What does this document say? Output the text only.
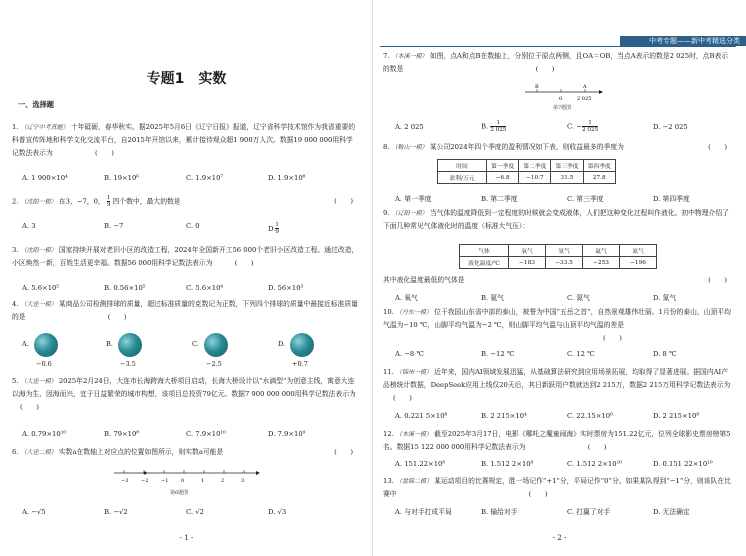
中考专题——新中考精选分类
专题1　实数
一、选择题
1. （辽宁中考真题） 十年砥砺，春华秋实。据2025年5月6日《辽宁日报》报道，辽宁省科学技术馆作为我省重要的科普宣传阵地和科学文化交流平台，自2015年开馆以来，累计接待观众超1 900万人次。数据19 000 000用科学记数法表示为	(　　)
A. 1 900×10⁴	B. 19×10⁶	C. 1.9×10⁷	D. 1.9×10⁸
2. （沈阳一模） 在3，−7，0， $\frac{1}{9}$ 四个数中，最大的数是	(　　)
A. 3	B. −7	C. 0	D. $\frac{1}{9}$
3. （沈阳一模） 国家持续开展对老旧小区的改造工程，2024年全国新开工56 000个老旧小区改造工程。通过改造，小区焕然一新，百姓生活更幸福。数据56 000用科学记数法表示为	(　　)
A. 5.6×10⁵	B. 0.56×10⁵	C. 5.6×10⁴	D. 56×10³
4. （大连一模） 某商品公司检测排球的质量，超过标准质量的克数记为正数，下列四个排球的质量中最接近标准质量的是	(　　)
A.
−0.6
B.
−3.5
C.
−2.5
D.
+0.7
5. （大连一模） 2025年2月24日，大连市长海跨海大桥项目启动，长海大桥设计以“水滴型”为创意主线，寓意大连以海为生、因海而兴，宜于日益繁荣的城市构想，该项目总投资79亿元。数据7 900 000 000用科学记数法表示为 (　　)
A. 0.79×10¹⁰	B. 79×10⁸	C. 7.9×10¹⁰	D. 7.9×10⁹
6. （大连二模） 实数a在数轴上对应点的位置如图所示，则实数a可能是	(　　)
−3	−2	−1	0	1	2	3
第6题图
A. −√5	B. −√2	C. √2	D. √3
- 1 -
7. （本溪一模） 如图，点A和点B在数轴上，分别位于原点两侧，且OA＝OB，当点A表示的数是2 025时，点B表示的数是	(　　)
B
0
A
2 025
第7题图
A. 2 025	B. $\frac{1}{2 025}$	C. − $\frac{1}{2 025}$	D. −2 025
8. （鞍山一模） 某公司2024年四个季度的盈利情况如下表，则收益最多的季度为	(　　)
时间	第一季度	第二季度	第三季度	第四季度
盈利/万元	−6.8	−10.7	31.5	27.8
A. 第一季度	B. 第二季度	C. 第三季度	D. 第四季度
9. （辽阳一模） 当气体的温度降低到一定程度的时候就会变成液体，人们把这种变化过程叫作液化。初中物理介绍了下面几种常见气体液化时的温度（标准大气压）：
气体	氧气	氢气	氦气	氮气
液化温度/℃	−183	−33.5	−253	−196
其中液化温度最低的气体是	(　　)
A. 氧气	B. 氦气	C. 氮气	D. 氮气
10. （丹东一模） 位于我国山东省中部的泰山，被誉为中国“五岳之首”，自然景观雄伟壮丽。1月份的泰山，山顶平均气温为−10 ℃，山脚平均气温为−2 ℃，则山脚平均气温与山顶平均气温的差是 (　　)
A. −8 ℃	B. −12 ℃	C. 12 ℃	D. 8 ℃
11. （锦州一模） 近年来，国内AI领域发展迅猛，从基础算法研究到应用场景拓展，均取得了显著进展。据国内AI产品榜统计数据，DeepSeek应用上线仅20天后，其日新跃用户数就达到2 215万，数据2 215万用科学记数法表示为 (　　)
A. 0.221 5×10⁸	B. 2 215×10⁴	C. 22.15×10⁶	D. 2 215×10⁸
12. （本溪一模） 截至2025年3月17日，电影《哪吒之魔童闹海》实时票房为151.22亿元，位列全球影史票房榜第5名。数据15 122 000 000用科学记数法表示为	(　　)
A. 151.22×10⁸	B. 1.512 2×10⁹	C. 1.512 2×10¹⁰	D. 0.151 22×10¹⁰
13. （盘锦二模） 某运动项目的比赛规定，胜一场记作“+1”分，平局记作“0”分。如果某队得到“−1”分，则该队在比赛中	(　　)
A. 与对手打成平局	B. 输给对手	C. 打赢了对手	D. 无法确定
- 2 -
